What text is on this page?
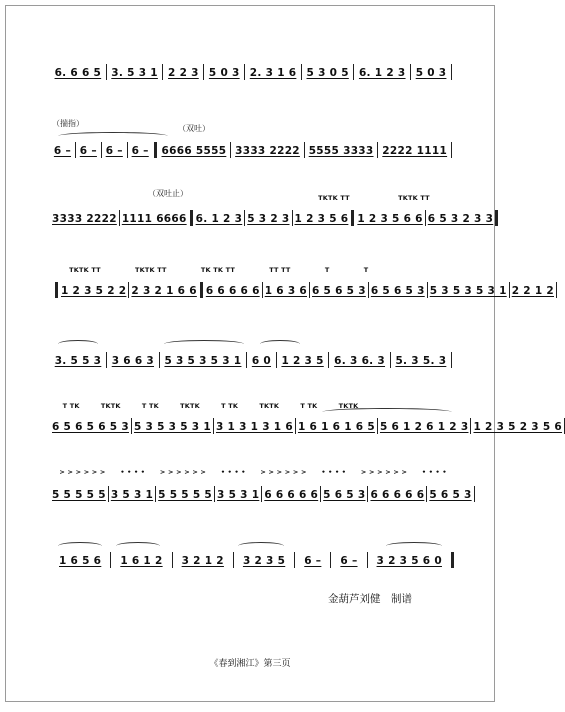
6. 6 6 5 3. 5 3 1 2 2 3 5 0 3 2. 3 1 6 5 3 0 5 6. 1 2 3 5 0 3
（揣指）
（双吐）
6 – 6 – 6 – 6 – 6666 5555 3333 2222 5555 3333 2222 1111
（双吐止）	TKTK TT	TKTK TT
3333 2222 1111 6666 6. 1 2 3 5 3 2 3 1 2 3 5 6 1 2 3 5 6 6 6 5 3 2 3 3
TKTK TT	TKTK TT	TK TK TT	TT TT	T	T
1 2 3 5 2 2 2 3 2 1 6 6 6 6 6 6 6 1 6 3 6 6 5 6 5 3 6 5 6 5 3 5 3 5 3 5 3 1 2 2 1 2
3. 5 5 3 3 6 6 3 5 3 5 3 5 3 1 6 0 1 2 3 5 6. 3 6. 3 5. 3 5. 3
T TK	TKTK	T TK	TKTK	T TK	TKTK	T TK	TKTK
6 5 6 5 6 5 3 5 3 5 3 5 3 1 3 1 3 1 3 1 6 1 6 1 6 1 6 5 5 6 1 2 6 1 2 3 1 2 3 5 2 3 5 6
> > > > > >	• • • •	> > > > > >	• • • •	> > > > > >	• • • •	> > > > > >	• • • •
5 5 5 5 5 3 5 3 1 5 5 5 5 5 3 5 3 1 6 6 6 6 6 5 6 5 3 6 6 6 6 6 5 6 5 3
1 6 5 6	1 6 1 2	3 2 1 2	3 2 3 5	6 –	6 –	3 2 3 5 6 0
金葫芦刘健　制谱
《春到湘江》第三页
